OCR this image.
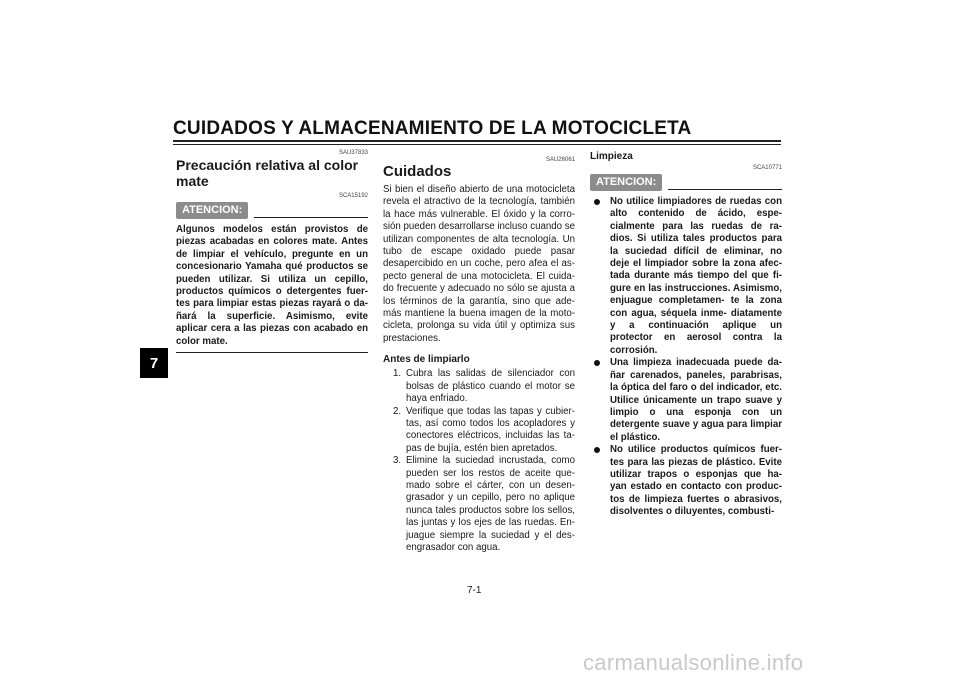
CUIDADOS Y ALMACENAMIENTO DE LA MOTOCICLETA
7
SAU37833
Precaución relativa al color mate
SCA15192
ATENCION:
Algunos modelos están provistos de piezas acabadas en colores mate. Antes de limpiar el vehículo, pregunte en un concesionario Yamaha qué productos se pueden utilizar. Si utiliza un cepillo, productos químicos o detergentes fuer- tes para limpiar estas piezas rayará o da- ñará la superficie. Asimismo, evite aplicar cera a las piezas con acabado en color mate.
SAU26061
Cuidados
Si bien el diseño abierto de una motocicleta revela el atractivo de la tecnología, también la hace más vulnerable. El óxido y la corro- sión pueden desarrollarse incluso cuando se utilizan componentes de alta tecnología. Un tubo de escape oxidado puede pasar desapercibido en un coche, pero afea el as- pecto general de una motocicleta. El cuida- do frecuente y adecuado no sólo se ajusta a los términos de la garantía, sino que ade- más mantiene la buena imagen de la moto- cicleta, prolonga su vida útil y optimiza sus prestaciones.
Antes de limpiarlo
1. Cubra las salidas de silenciador con bolsas de plástico cuando el motor se haya enfriado.
2. Verifique que todas las tapas y cubier- tas, así como todos los acopladores y conectores eléctricos, incluidas las ta- pas de bujía, estén bien apretados.
3. Elimine la suciedad incrustada, como pueden ser los restos de aceite que- mado sobre el cárter, con un desen- grasador y un cepillo, pero no aplique nunca tales productos sobre los sellos, las juntas y los ejes de las ruedas. En- juague siempre la suciedad y el des- engrasador con agua.
Limpieza
SCA10771
ATENCION:
No utilice limpiadores de ruedas con alto contenido de ácido, espe- cialmente para las ruedas de ra- dios. Si utiliza tales productos para la suciedad difícil de eliminar, no deje el limpiador sobre la zona afec- tada durante más tiempo del que fi- gure en las instrucciones. Asimismo, enjuague completamen- te la zona con agua, séquela inme- diatamente y a continuación aplique un protector en aerosol contra la corrosión.
Una limpieza inadecuada puede da- ñar carenados, paneles, parabrisas, la óptica del faro o del indicador, etc. Utilice únicamente un trapo suave y limpio o una esponja con un detergente suave y agua para limpiar el plástico.
No utilice productos químicos fuer- tes para las piezas de plástico. Evite utilizar trapos o esponjas que ha- yan estado en contacto con produc- tos de limpieza fuertes o abrasivos, disolventes o diluyentes, combusti-
7-1
carmanualsonline.info
